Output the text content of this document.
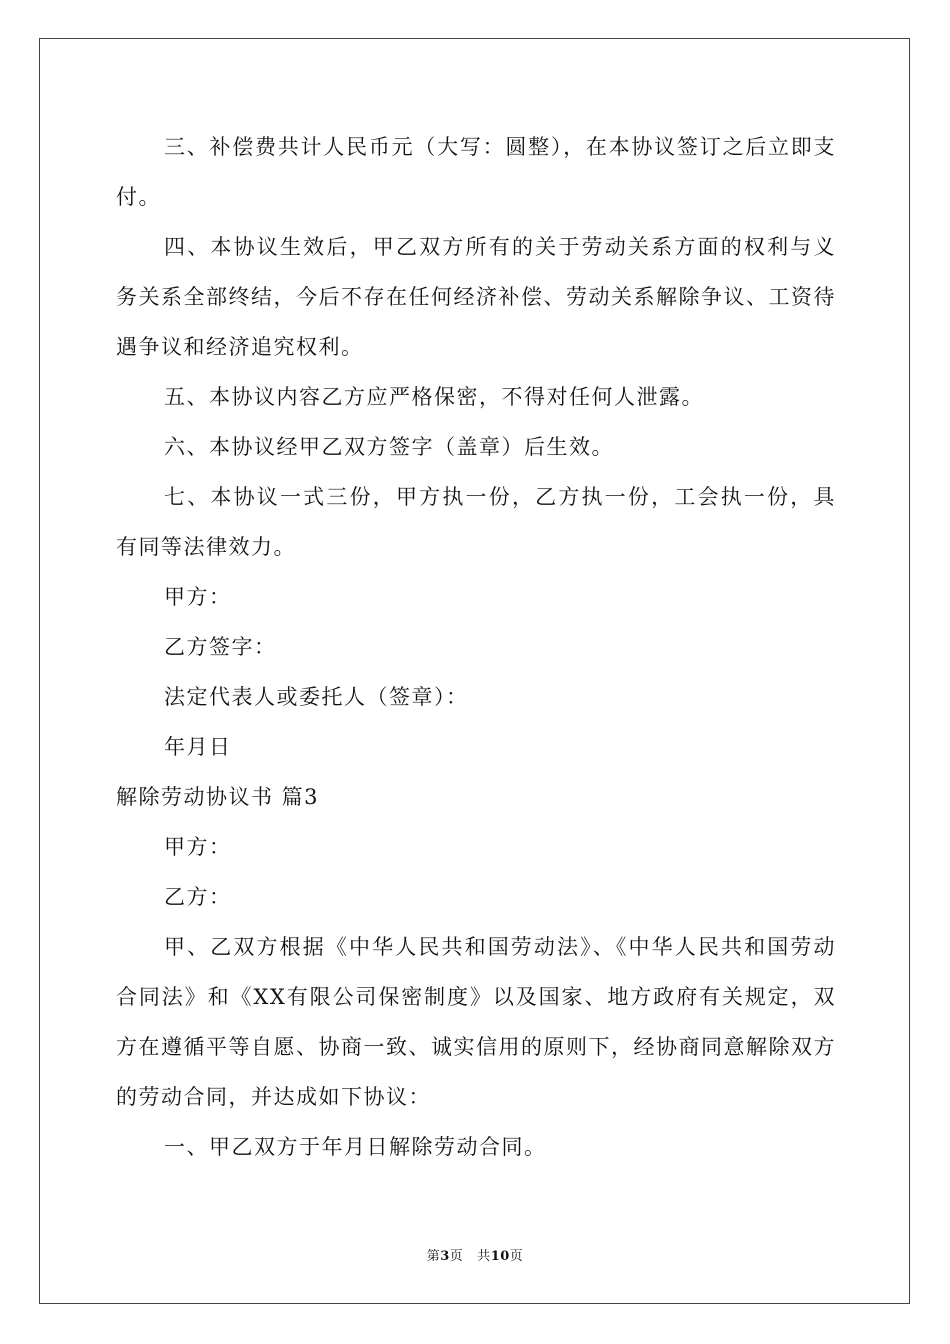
三、补偿费共计人民币元（大写：圆整），在本协议签订之后立即支付。

四、本协议生效后，甲乙双方所有的关于劳动关系方面的权利与义务关系全部终结，今后不存在任何经济补偿、劳动关系解除争议、工资待遇争议和经济追究权利。

五、本协议内容乙方应严格保密，不得对任何人泄露。

六、本协议经甲乙双方签字（盖章）后生效。

七、本协议一式三份，甲方执一份，乙方执一份，工会执一份，具有同等法律效力。

甲方：

乙方签字：

法定代表人或委托人（签章）：

年月日

解除劳动协议书 篇3

甲方：

乙方：

甲、乙双方根据《中华人民共和国劳动法》、《中华人民共和国劳动合同法》和《XX有限公司保密制度》以及国家、地方政府有关规定，双方在遵循平等自愿、协商一致、诚实信用的原则下，经协商同意解除双方的劳动合同，并达成如下协议：

一、甲乙双方于年月日解除劳动合同。

第3页 共10页
